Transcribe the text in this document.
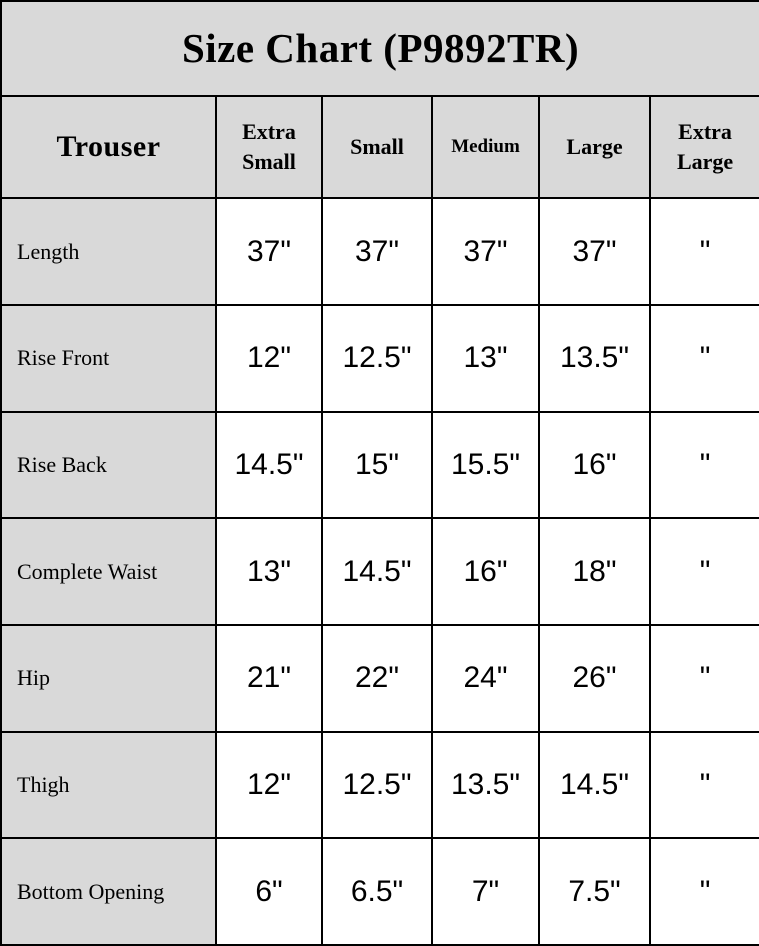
Size Chart (P9892TR)					
Trouser	Extra Small	Small	Medium	Large	Extra Large
Length	37"	37"	37"	37"	"
Rise Front	12"	12.5"	13"	13.5"	"
Rise Back	14.5"	15"	15.5"	16"	"
Complete Waist	13"	14.5"	16"	18"	"
Hip	21"	22"	24"	26"	"
Thigh	12"	12.5"	13.5"	14.5"	"
Bottom Opening	6"	6.5"	7"	7.5"	"
